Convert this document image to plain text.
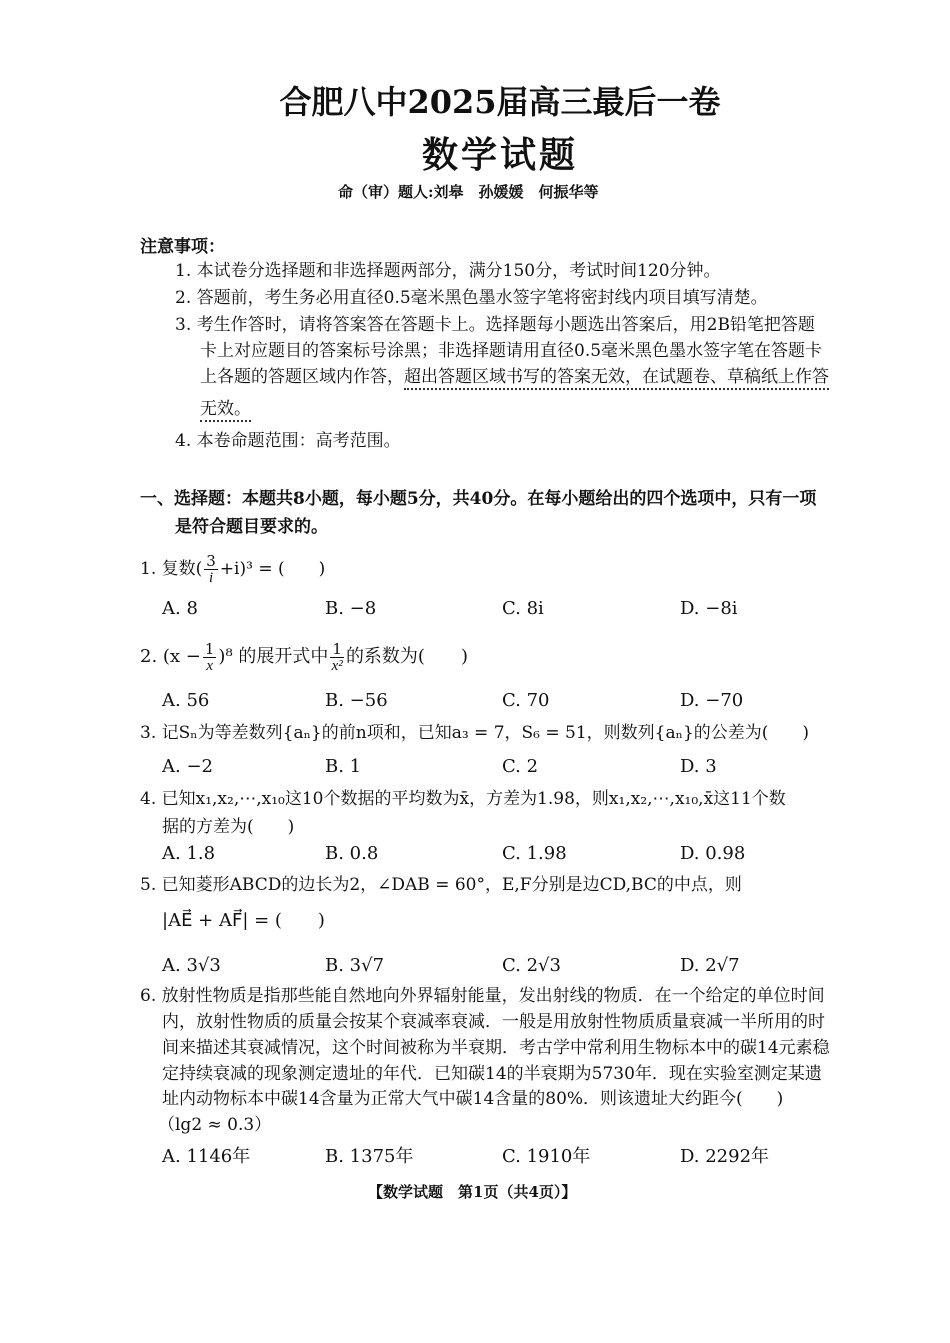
合肥八中2025届高三最后一卷
数学试题
命（审）题人:刘皋　孙媛媛　何振华等
注意事项：
1. 本试卷分选择题和非选择题两部分，满分150分，考试时间120分钟。
2. 答题前，考生务必用直径0.5毫米黑色墨水签字笔将密封线内项目填写清楚。
3. 考生作答时，请将答案答在答题卡上。选择题每小题选出答案后，用2B铅笔把答题
卡上对应题目的答案标号涂黑；非选择题请用直径0.5毫米黑色墨水签字笔在答题卡
上各题的答题区域内作答，超出答题区域书写的答案无效，在试题卷、草稿纸上作答
无效。
4. 本卷命题范围：高考范围。
一、选择题：本题共8小题，每小题5分，共40分。在每小题给出的四个选项中，只有一项
是符合题目要求的。
1. 复数( $\frac{3}{i} +i)^3$ = (　　)
A. 8	B. −8	C. 8i	D. −8i
2. $(x - \frac{1}{x} )^8$ 的展开式中 $\frac{1}{\text{x²}}$ 的系数为(　　)
A. 56	B. −56	C. 70	D. −70
3. 记Sₙ为等差数列{aₙ}的前n项和，已知a₃ = 7，S₆ = 51，则数列{aₙ}的公差为(　　)
A. −2	B. 1	C. 2	D. 3
4. 已知x₁,x₂,⋯,x₁₀这10个数据的平均数为x̄，方差为1.98，则x₁,x₂,⋯,x₁₀,x̄这11个数
据的方差为(　　)
A. 1.8	B. 0.8	C. 1.98	D. 0.98
5. 已知菱形ABCD的边长为2，∠DAB = 60°，E,F分别是边CD,BC的中点，则
|AE⃗ + AF⃗| = (　　)
A. 3√3	B. 3√7	C. 2√3	D. 2√7
6. 放射性物质是指那些能自然地向外界辐射能量，发出射线的物质．在一个给定的单位时间
内，放射性物质的质量会按某个衰减率衰减．一般是用放射性物质质量衰减一半所用的时
间来描述其衰减情况，这个时间被称为半衰期．考古学中常利用生物标本中的碳14元素稳
定持续衰减的现象测定遗址的年代．已知碳14的半衰期为5730年．现在实验室测定某遗
址内动物标本中碳14含量为正常大气中碳14含量的80%．则该遗址大约距今(　　)
（lg2 ≈ 0.3）
A. 1146年	B. 1375年	C. 1910年	D. 2292年
【数学试题　第1页（共4页）】
